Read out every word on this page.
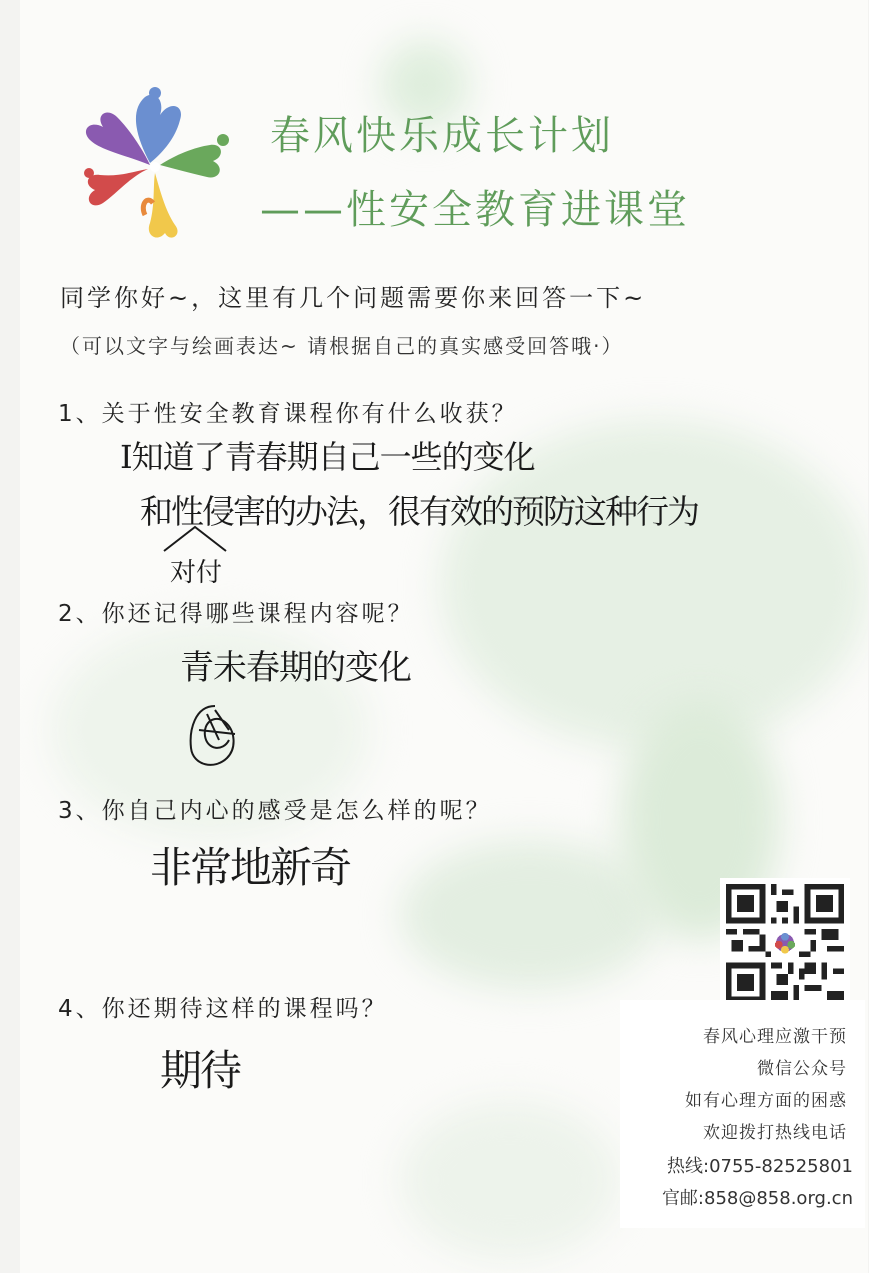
春风快乐成长计划
——性安全教育进课堂
同学你好~，这里有几个问题需要你来回答一下~
（可以文字与绘画表达~ 请根据自己的真实感受回答哦·）
1、关于性安全教育课程你有什么收获？
I知道了青春期自己一些的变化
和性侵害的办法，很有效的预防这种行为
对付
2、你还记得哪些课程内容呢？
青未春期的变化
3、你自己内心的感受是怎么样的呢？
非常地新奇
4、你还期待这样的课程吗？
期待
春风心理应激干预
微信公众号
如有心理方面的困惑
欢迎拨打热线电话
热线:0755-82525801
官邮:858@858.org.cn
